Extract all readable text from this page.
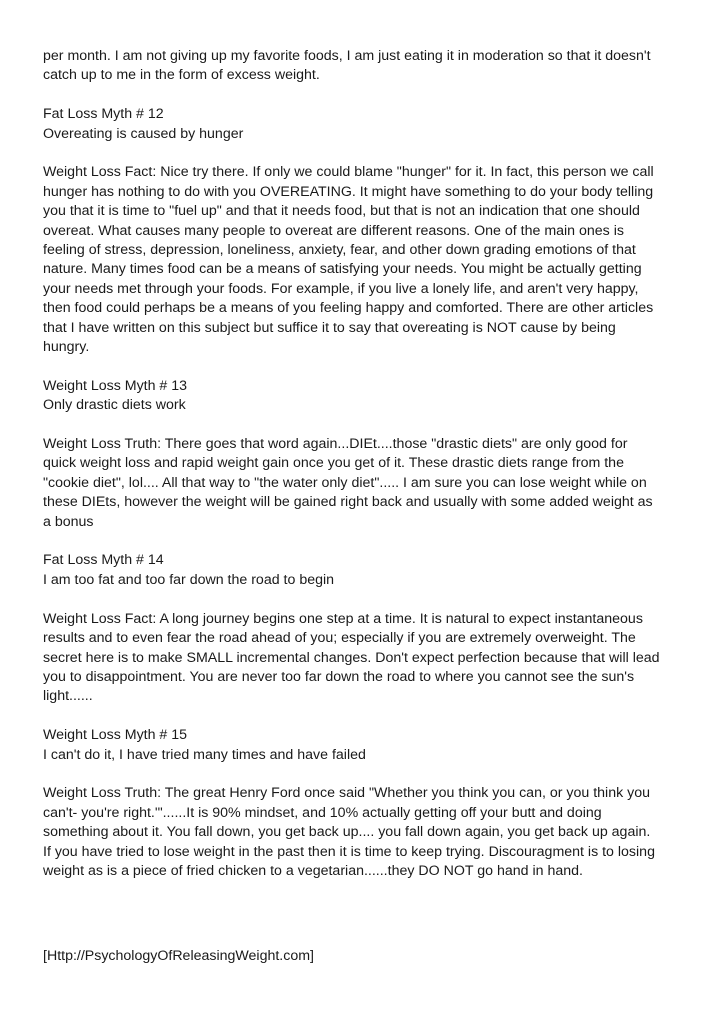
per month. I am not giving up my favorite foods, I am just eating it in moderation so that it doesn't
catch up to me in the form of excess weight.

Fat Loss Myth # 12
Overeating is caused by hunger

Weight Loss Fact: Nice try there. If only we could blame "hunger" for it. In fact, this person we call
hunger has nothing to do with you OVEREATING. It might have something to do your body telling
you that it is time to "fuel up" and that it needs food, but that is not an indication that one should
overeat. What causes many people to overeat are different reasons. One of the main ones is
feeling of stress, depression, loneliness, anxiety, fear, and other down grading emotions of that
nature. Many times food can be a means of satisfying your needs. You might be actually getting
your needs met through your foods. For example, if you live a lonely life, and aren't very happy,
then food could perhaps be a means of you feeling happy and comforted. There are other articles
that I have written on this subject but suffice it to say that overeating is NOT cause by being
hungry.

Weight Loss Myth # 13
Only drastic diets work

Weight Loss Truth: There goes that word again...DIEt....those "drastic diets" are only good for
quick weight loss and rapid weight gain once you get of it. These drastic diets range from the
"cookie diet", lol.... All that way to "the water only diet"..... I am sure you can lose weight while on
these DIEts, however the weight will be gained right back and usually with some added weight as
a bonus

Fat Loss Myth # 14
I am too fat and too far down the road to begin

Weight Loss Fact: A long journey begins one step at a time. It is natural to expect instantaneous
results and to even fear the road ahead of you; especially if you are extremely overweight. The
secret here is to make SMALL incremental changes. Don't expect perfection because that will lead
you to disappointment. You are never too far down the road to where you cannot see the sun's
light......

Weight Loss Myth # 15
I can't do it, I have tried many times and have failed

Weight Loss Truth: The great Henry Ford once said "Whether you think you can, or you think you
can't- you're right.'"......It is 90% mindset, and 10% actually getting off your butt and doing
something about it. You fall down, you get back up.... you fall down again, you get back up again.
If you have tried to lose weight in the past then it is time to keep trying. Discouragment is to losing
weight as is a piece of fried chicken to a vegetarian......they DO NOT go hand in hand.

[Http://PsychologyOfReleasingWeight.com]
